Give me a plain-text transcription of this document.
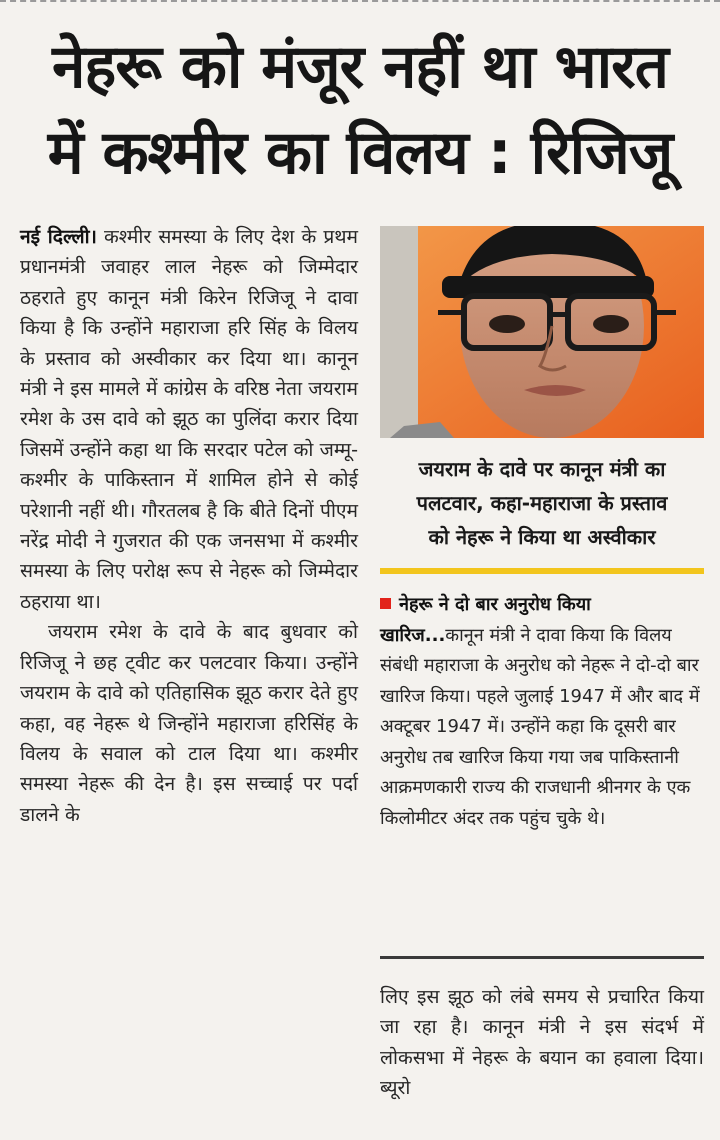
नेहरू को मंजूर नहीं था भारत
में कश्मीर का विलय : रिजिजू

नई दिल्ली। कश्मीर समस्या के लिए देश के प्रथम प्रधानमंत्री जवाहर लाल नेहरू को जिम्मेदार ठहराते हुए कानून मंत्री किरेन रिजिजू ने दावा किया है कि उन्होंने महाराजा हरि सिंह के विलय के प्रस्ताव को अस्वीकार कर दिया था। कानून मंत्री ने इस मामले में कांग्रेस के वरिष्ठ नेता जयराम रमेश के उस दावे को झूठ का पुलिंदा करार दिया जिसमें उन्होंने कहा था कि सरदार पटेल को जम्मू-कश्मीर के पाकिस्तान में शामिल होने से कोई परेशानी नहीं थी। गौरतलब है कि बीते दिनों पीएम नरेंद्र मोदी ने गुजरात की एक जनसभा में कश्मीर समस्या के लिए परोक्ष रूप से नेहरू को जिम्मेदार ठहराया था।

जयराम रमेश के दावे के बाद बुधवार को रिजिजू ने छह ट्वीट कर पलटवार किया। उन्होंने जयराम के दावे को एतिहासिक झूठ करार देते हुए कहा, वह नेहरू थे जिन्होंने महाराजा हरिसिंह के विलय के सवाल को टाल दिया था। कश्मीर समस्या नेहरू की देन है। इस सच्चाई पर पर्दा डालने के

जयराम के दावे पर कानून मंत्री का
पलटवार, कहा-महाराजा के प्रस्ताव
को नेहरू ने किया था अस्वीकार

नेहरू ने दो बार अनुरोध किया
खारिज...कानून मंत्री ने दावा किया कि विलय संबंधी महाराजा के अनुरोध को नेहरू ने दो-दो बार खारिज किया। पहले जुलाई 1947 में और बाद में अक्टूबर 1947 में। उन्होंने कहा कि दूसरी बार अनुरोध तब खारिज किया गया जब पाकिस्तानी आक्रमणकारी राज्य की राजधानी श्रीनगर के एक किलोमीटर अंदर तक पहुंच चुके थे।

लिए इस झूठ को लंबे समय से प्रचारित किया जा रहा है। कानून मंत्री ने इस संदर्भ में लोकसभा में नेहरू के बयान का हवाला दिया। ब्यूरो
